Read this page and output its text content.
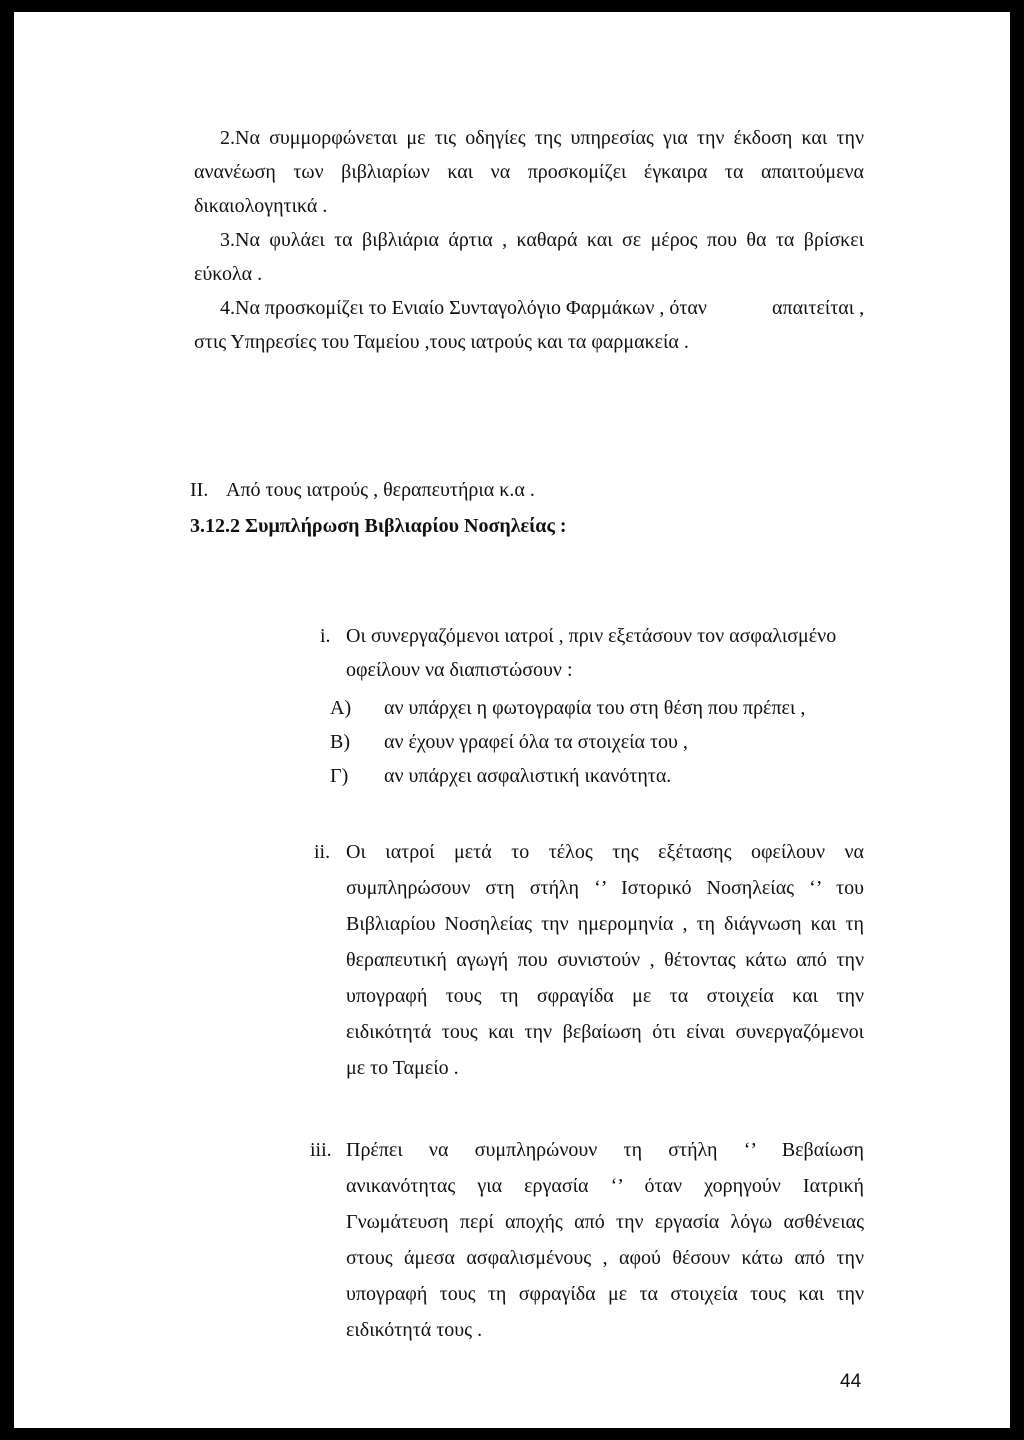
2.Να συμμορφώνεται με τις οδηγίες της υπηρεσίας για την έκδοση και την
ανανέωση των βιβλιαρίων και να προσκομίζει έγκαιρα τα απαιτούμενα
δικαιολογητικά .
3.Να φυλάει τα βιβλιάρια άρτια , καθαρά και σε μέρος που θα τα βρίσκει
εύκολα .
4.Να προσκομίζει το Ενιαίο Συνταγολόγιο Φαρμάκων , όταν	απαιτείται ,
στις Υπηρεσίες του Ταμείου ,τους ιατρούς και τα φαρμακεία .
II. Από τους ιατρούς , θεραπευτήρια κ.α .
3.12.2 Συμπλήρωση Βιβλιαρίου Νοσηλείας :
i. Οι συνεργαζόμενοι ιατροί , πριν εξετάσουν τον ασφαλισμένο
οφείλουν να διαπιστώσουν :
Α) αν υπάρχει η φωτογραφία του στη θέση που πρέπει ,
Β) αν έχουν γραφεί όλα τα στοιχεία του ,
Γ) αν υπάρχει ασφαλιστική ικανότητα.
ii. Οι ιατροί μετά το τέλος της εξέτασης οφείλουν να
συμπληρώσουν στη στήλη ‘’ Ιστορικό Νοσηλείας ‘’ του
Βιβλιαρίου Νοσηλείας την ημερομηνία , τη διάγνωση και τη
θεραπευτική αγωγή που συνιστούν , θέτοντας κάτω από την
υπογραφή τους τη σφραγίδα με τα στοιχεία και την
ειδικότητά τους και την βεβαίωση ότι είναι συνεργαζόμενοι
με το Ταμείο .
iii. Πρέπει να συμπληρώνουν τη στήλη ‘’ Βεβαίωση
ανικανότητας για εργασία ‘’ όταν χορηγούν Ιατρική
Γνωμάτευση περί αποχής από την εργασία λόγω ασθένειας
στους άμεσα ασφαλισμένους , αφού θέσουν κάτω από την
υπογραφή τους τη σφραγίδα με τα στοιχεία τους και την
ειδικότητά τους .
44
